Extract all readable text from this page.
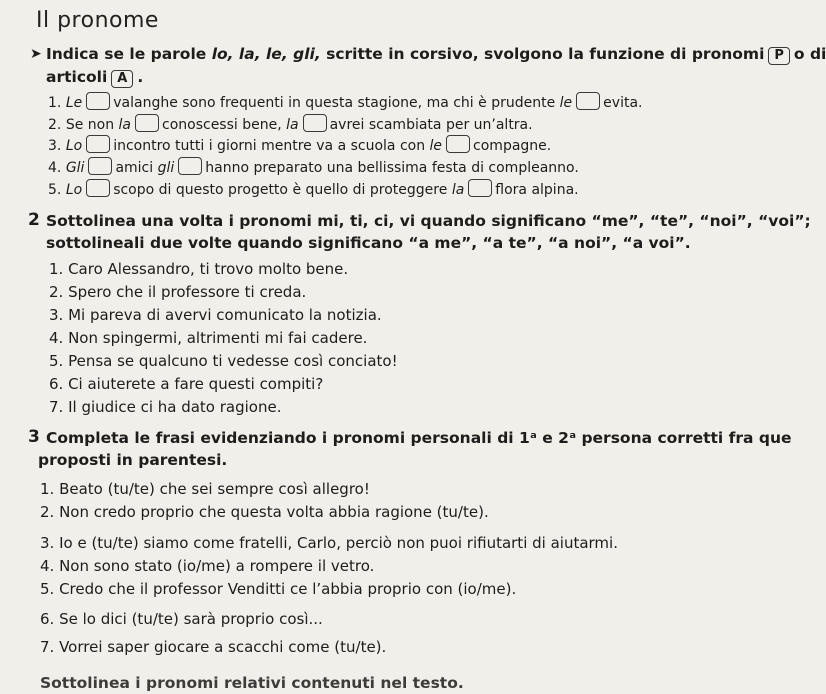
Il pronome
➤ Indica se le parole lo, la, le, gli, scritte in corsivo, svolgono la funzione di pronomi P o di
articoli A .
1. Le valanghe sono frequenti in questa stagione, ma chi è prudente le evita.
2. Se non la conoscessi bene, la avrei scambiata per un’altra.
3. Lo incontro tutti i giorni mentre va a scuola con le compagne.
4. Gli amici gli hanno preparato una bellissima festa di compleanno.
5. Lo scopo di questo progetto è quello di proteggere la flora alpina.
2 Sottolinea una volta i pronomi mi, ti, ci, vi quando significano “me”, “te”, “noi”, “voi”;
sottolineali due volte quando significano “a me”, “a te”, “a noi”, “a voi”.
1. Caro Alessandro, ti trovo molto bene.
2. Spero che il professore ti creda.
3. Mi pareva di avervi comunicato la notizia.
4. Non spingermi, altrimenti mi fai cadere.
5. Pensa se qualcuno ti vedesse così conciato!
6. Ci aiuterete a fare questi compiti?
7. Il giudice ci ha dato ragione.
3 Completa le frasi evidenziando i pronomi personali di 1ᵃ e 2ᵃ persona corretti fra que
proposti in parentesi.
1. Beato (tu/te) che sei sempre così allegro!
2. Non credo proprio che questa volta abbia ragione (tu/te).
3. Io e (tu/te) siamo come fratelli, Carlo, perciò non puoi rifiutarti di aiutarmi.
4. Non sono stato (io/me) a rompere il vetro.
5. Credo che il professor Venditti ce l’abbia proprio con (io/me).
6. Se lo dici (tu/te) sarà proprio così...
7. Vorrei saper giocare a scacchi come (tu/te).
Sottolinea i pronomi relativi contenuti nel testo.
